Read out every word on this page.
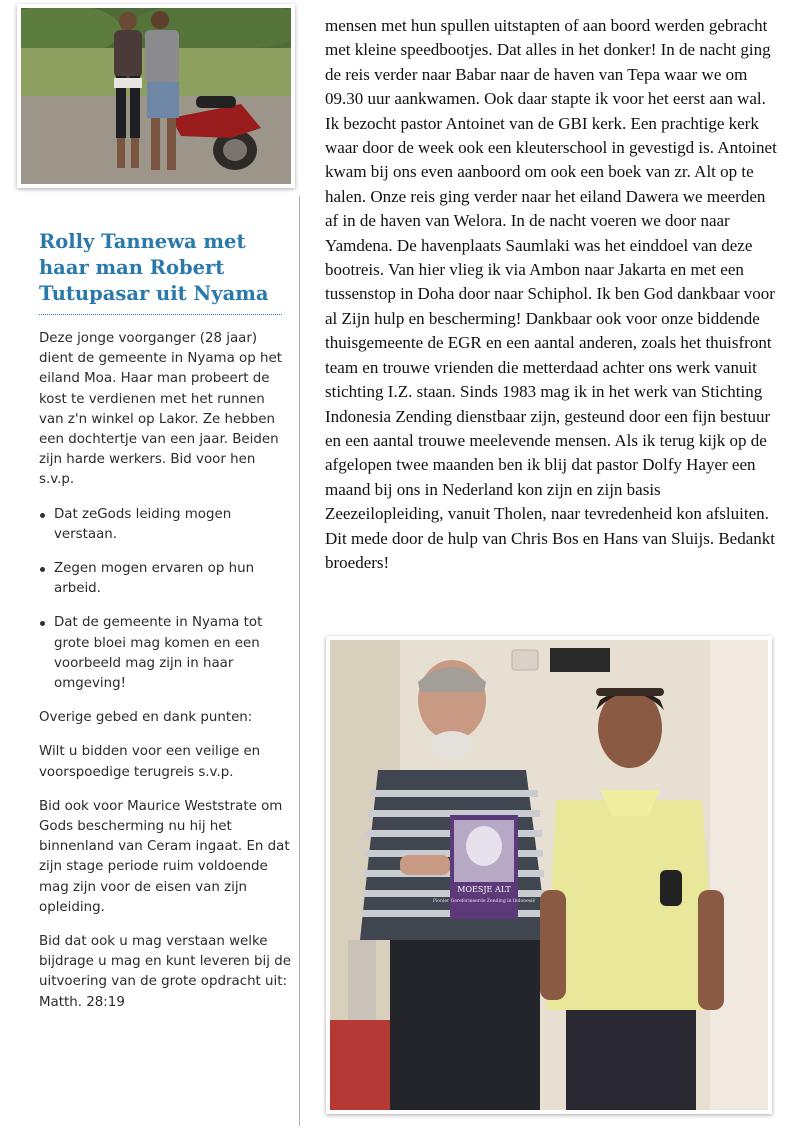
Rolly Tannewa met haar man Robert Tutupasar uit Nyama

Deze jonge voorganger (28 jaar) dient de gemeente in Nyama op het eiland Moa. Haar man probeert de kost te verdienen met het runnen van z'n winkel op Lakor. Ze hebben een dochtertje van een jaar. Beiden zijn harde werkers. Bid voor hen s.v.p.

Dat zeGods leiding mogen verstaan.
Zegen mogen ervaren op hun arbeid.
Dat de gemeente in Nyama tot grote bloei mag komen en een voorbeeld mag zijn in haar omgeving!

Overige gebed en dank punten:

Wilt u bidden voor een veilige en voorspoedige terugreis s.v.p.

Bid ook voor Maurice Weststrate om Gods bescherming nu hij het binnenland van Ceram ingaat. En dat zijn stage periode ruim voldoende mag zijn voor de eisen van zijn opleiding.

Bid dat ook u mag verstaan welke bijdrage u mag en kunt leveren bij de uitvoering van de grote opdracht uit: Matth. 28:19

mensen met hun spullen uitstapten of aan boord werden gebracht met kleine speedbootjes. Dat alles in het donker! In de nacht ging de reis verder naar Babar naar de haven van Tepa waar we om 09.30 uur aankwamen. Ook daar stapte ik voor het eerst aan wal. Ik bezocht pastor Antoinet van de GBI kerk. Een prachtige kerk waar door de week ook een kleuterschool in gevestigd is. Antoinet kwam bij ons even aanboord om ook een boek van zr. Alt op te halen. Onze reis ging verder naar het eiland Dawera we meerden af in de haven van Welora. In de nacht voeren we door naar Yamdena. De havenplaats Saumlaki was het einddoel van deze bootreis. Van hier vlieg ik via Ambon naar Jakarta en met een tussenstop in Doha door naar Schiphol. Ik ben God dankbaar voor al Zijn hulp en bescherming! Dankbaar ook voor onze biddende thuisgemeente de EGR en een aantal anderen, zoals het thuisfront team en trouwe vrienden die metterdaad achter ons werk vanuit stichting I.Z. staan. Sinds 1983 mag ik in het werk van Stichting Indonesia Zending dienstbaar zijn, gesteund door een fijn bestuur en een aantal trouwe meelevende mensen. Als ik terug kijk op de afgelopen twee maanden ben ik blij dat pastor Dolfy Hayer een maand bij ons in Nederland kon zijn en zijn basis Zeezeilopleiding, vanuit Tholen, naar tevredenheid kon afsluiten. Dit mede door de hulp van Chris Bos en Hans van Sluijs. Bedankt broeders!

MOESJE ALT
Pionier Gereformeerde Zending in Indonesië
